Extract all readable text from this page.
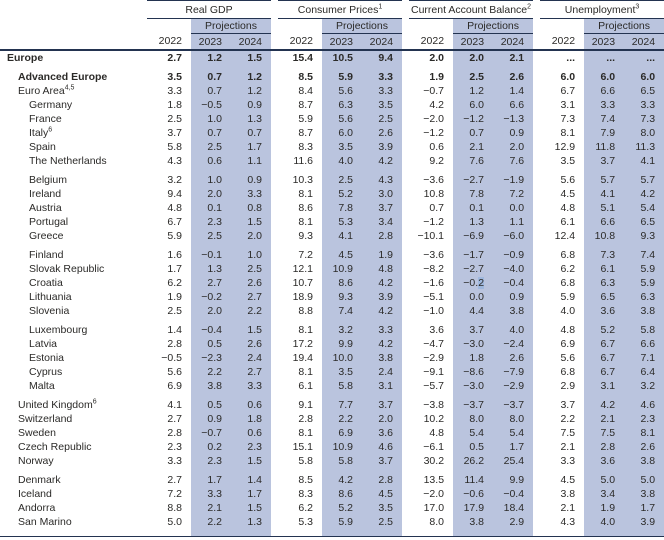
	Real GDP				Consumer Prices$^1$				Current Account Balance$^2$				Unemployment$^3$
		Projections				Projections				Projections				Projections	
	2022	2023	2024		2022	2023	2024		2022	2023	2024		2022	2023	2024
Europe	2.7	1.2	1.5		15.4	10.5	9.4		2.0	2.0	2.1		...	...	...

Advanced Europe	3.5	0.7	1.2		8.5	5.9	3.3		1.9	2.5	2.6		6.0	6.0	6.0
Euro Area$^{4,5}$	3.3	0.7	1.2		8.4	5.6	3.3		−0.7	1.2	1.4		6.7	6.6	6.5
Germany	1.8	−0.5	0.9		8.7	6.3	3.5		4.2	6.0	6.6		3.1	3.3	3.3
France	2.5	1.0	1.3		5.9	5.6	2.5		−2.0	−1.2	−1.3		7.3	7.4	7.3
Italy$^6$	3.7	0.7	0.7		8.7	6.0	2.6		−1.2	0.7	0.9		8.1	7.9	8.0
Spain	5.8	2.5	1.7		8.3	3.5	3.9		0.6	2.1	2.0		12.9	11.8	11.3
The Netherlands	4.3	0.6	1.1		11.6	4.0	4.2		9.2	7.6	7.6		3.5	3.7	4.1

Belgium	3.2	1.0	0.9		10.3	2.5	4.3		−3.6	−2.7	−1.9		5.6	5.7	5.7
Ireland	9.4	2.0	3.3		8.1	5.2	3.0		10.8	7.8	7.2		4.5	4.1	4.2
Austria	4.8	0.1	0.8		8.6	7.8	3.7		0.7	0.1	0.0		4.8	5.1	5.4
Portugal	6.7	2.3	1.5		8.1	5.3	3.4		−1.2	1.3	1.1		6.1	6.6	6.5
Greece	5.9	2.5	2.0		9.3	4.1	2.8		−10.1	−6.9	−6.0		12.4	10.8	9.3

Finland	1.6	−0.1	1.0		7.2	4.5	1.9		−3.6	−1.7	−0.9		6.8	7.3	7.4
Slovak Republic	1.7	1.3	2.5		12.1	10.9	4.8		−8.2	−2.7	−4.0		6.2	6.1	5.9
Croatia	6.2	2.7	2.6		10.7	8.6	4.2		−1.6	−0.2	−0.4		6.8	6.3	5.9
Lithuania	1.9	−0.2	2.7		18.9	9.3	3.9		−5.1	0.0	0.9		5.9	6.5	6.3
Slovenia	2.5	2.0	2.2		8.8	7.4	4.2		−1.0	4.4	3.8		4.0	3.6	3.8

Luxembourg	1.4	−0.4	1.5		8.1	3.2	3.3		3.6	3.7	4.0		4.8	5.2	5.8
Latvia	2.8	0.5	2.6		17.2	9.9	4.2		−4.7	−3.0	−2.4		6.9	6.7	6.6
Estonia	−0.5	−2.3	2.4		19.4	10.0	3.8		−2.9	1.8	2.6		5.6	6.7	7.1
Cyprus	5.6	2.2	2.7		8.1	3.5	2.4		−9.1	−8.6	−7.9		6.8	6.7	6.4
Malta	6.9	3.8	3.3		6.1	5.8	3.1		−5.7	−3.0	−2.9		2.9	3.1	3.2

United Kingdom$^6$	4.1	0.5	0.6		9.1	7.7	3.7		−3.8	−3.7	−3.7		3.7	4.2	4.6
Switzerland	2.7	0.9	1.8		2.8	2.2	2.0		10.2	8.0	8.0		2.2	2.1	2.3
Sweden	2.8	−0.7	0.6		8.1	6.9	3.6		4.8	5.4	5.4		7.5	7.5	8.1
Czech Republic	2.3	0.2	2.3		15.1	10.9	4.6		−6.1	0.5	1.7		2.1	2.8	2.6
Norway	3.3	2.3	1.5		5.8	5.8	3.7		30.2	26.2	25.4		3.3	3.6	3.8

Denmark	2.7	1.7	1.4		8.5	4.2	2.8		13.5	11.4	9.9		4.5	5.0	5.0
Iceland	7.2	3.3	1.7		8.3	8.6	4.5		−2.0	−0.6	−0.4		3.8	3.4	3.8
Andorra	8.8	2.1	1.5		6.2	5.2	3.5		17.0	17.9	18.4		2.1	1.9	1.7
San Marino	5.0	2.2	1.3		5.3	5.9	2.5		8.0	3.8	2.9		4.3	4.0	3.9
